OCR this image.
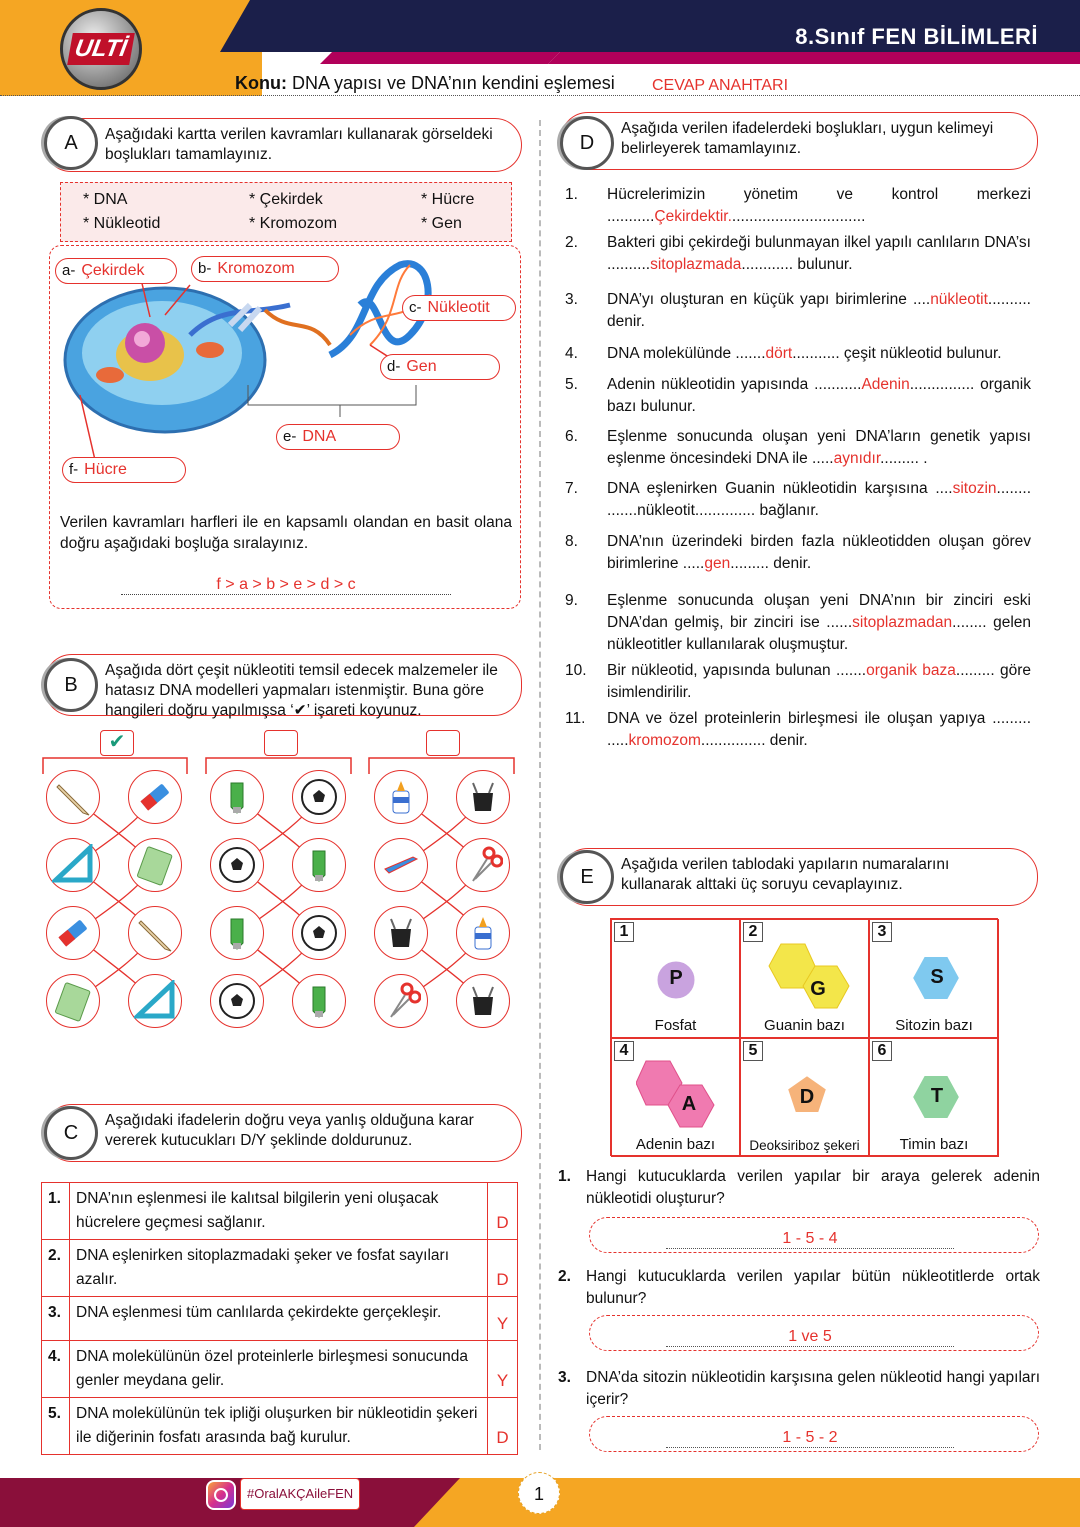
8.Sınıf FEN BİLİMLERİ
ULTİ
Konu: DNA yapısı ve DNA’nın kendini eşlemesi CEVAP ANAHTARI
Aşağıdaki kartta verilen kavramları kullanarak görseldeki boşlukları tamamlayınız.
A
* DNA	* Çekirdek	* Hücre
* Nükleotid	* Kromozom	* Gen
a- Çekirdek	b- Kromozom
c- Nükleotit
d- Gen
e- DNA
f- Hücre
Verilen kavramları harfleri ile en kapsamlı olandan en basit olana doğru aşağıdaki boşluğa sıralayınız.
f > a > b > e > d > c
Aşağıda dört çeşit nükleotiti temsil edecek malzemeler ile hatasız DNA modelleri yapmaları istenmiştir. Buna göre hangileri doğru yapılmışsa ‘✔’ işareti koyunuz.
B
✔
Aşağıdaki ifadelerin doğru veya yanlış olduğuna karar vererek kutucukları D/Y şeklinde doldurunuz.
C
1.	DNA’nın eşlenmesi ile kalıtsal bilgilerin yeni oluşacak hücrelere geçmesi sağlanır.	D
2.	DNA eşlenirken sitoplazmadaki şeker ve fosfat sayıları azalır.	D
3.	DNA eşlenmesi tüm canlılarda çekirdekte gerçekleşir.	Y
4.	DNA molekülünün özel proteinlerle birleşmesi sonucunda genler meydana gelir.	Y
5.	DNA molekülünün tek ipliği oluşurken bir nükleotidin şekeri ile diğerinin fosfatı arasında bağ kurulur.	D
Aşağıda verilen ifadelerdeki boşlukları, uygun kelimeyi belirleyerek tamamlayınız.
D
1. Hücrelerimizin yönetim ve kontrol merkezi ...........Çekirdektir................................
2. Bakteri gibi çekirdeği bulunmayan ilkel yapılı canlıların DNA’sı ..........sitoplazmada............ bulunur.
3. DNA’yı oluşturan en küçük yapı birimlerine ....nükleotit.......... denir.
4. DNA molekülünde .......dört........... çeşit nükleotid bulunur.
5. Adenin nükleotidin yapısında ...........Adenin............... organik bazı bulunur.
6. Eşlenme sonucunda oluşan yeni DNA’ların genetik yapısı eşlenme öncesindeki DNA ile .....aynıdır......... .
7. DNA eşlenirken Guanin nükleotidin karşısına ....sitozin........ .......nükleotit.............. bağlanır.
8. DNA’nın üzerindeki birden fazla nükleotidden oluşan görev birimlerine .....gen......... denir.
9. Eşlenme sonucunda oluşan yeni DNA’nın bir zinciri eski DNA’dan gelmiş, bir zinciri ise ......sitoplazmadan........ gelen nükleotitler kullanılarak oluşmuştur.
10. Bir nükleotid, yapısında bulunan .......organik baza......... göre isimlendirilir.
11. DNA ve özel proteinlerin birleşmesi ile oluşan yapıya ......... .....kromozom............... denir.
Aşağıda verilen tablodaki yapıların numaralarını kullanarak alttaki üç soruyu cevaplayınız.
E
1
P
Fosfat
2
G
Guanin bazı
3
S
Sitozin bazı
4
A
Adenin bazı
5
D
Deoksiriboz şekeri
6
T
Timin bazı
1. Hangi kutucuklarda verilen yapılar bir araya gelerek adenin nükleotidi oluşturur?
1 - 5 - 4
2. Hangi kutucuklarda verilen yapılar bütün nükleotitlerde ortak bulunur?
1 ve 5
3. DNA’da sitozin nükleotidin karşısına gelen nükleotid hangi yapıları içerir?
1 - 5 - 2
#OralAKÇAileFEN	1
